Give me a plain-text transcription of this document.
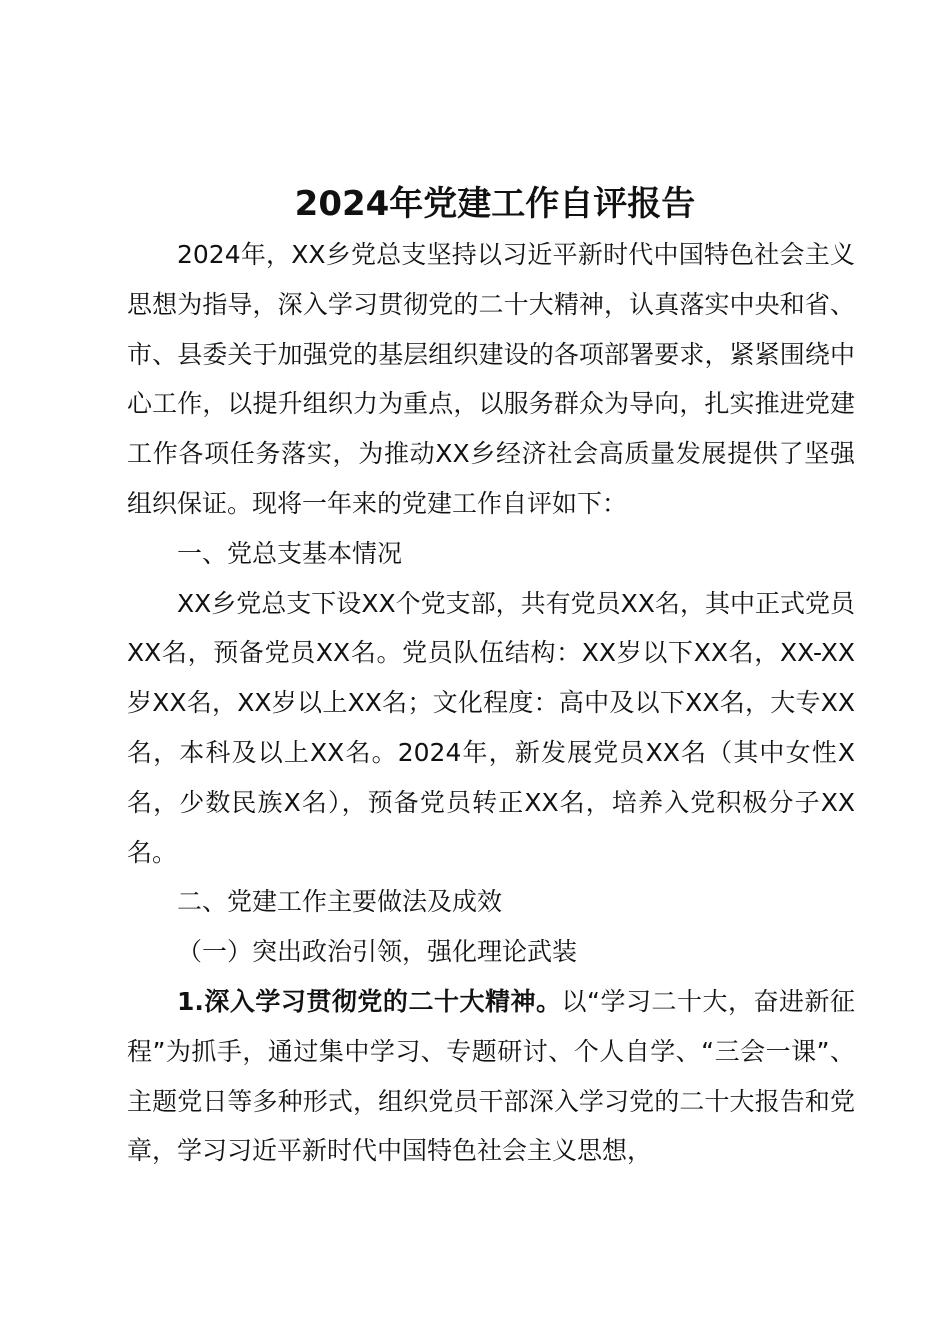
2024年党建工作自评报告

2024年，XX乡党总支坚持以习近平新时代中国特色社会主义思想为指导，深入学习贯彻党的二十大精神，认真落实中央和省、市、县委关于加强党的基层组织建设的各项部署要求，紧紧围绕中心工作，以提升组织力为重点，以服务群众为导向，扎实推进党建工作各项任务落实，为推动XX乡经济社会高质量发展提供了坚强组织保证。现将一年来的党建工作自评如下：

一、党总支基本情况

XX乡党总支下设XX个党支部，共有党员XX名，其中正式党员XX名，预备党员XX名。党员队伍结构：XX岁以下XX名，XX-XX岁XX名，XX岁以上XX名；文化程度：高中及以下XX名，大专XX名，本科及以上XX名。2024年，新发展党员XX名（其中女性X名，少数民族X名），预备党员转正XX名，培养入党积极分子XX名。

二、党建工作主要做法及成效

（一）突出政治引领，强化理论武装

1.深入学习贯彻党的二十大精神。以“学习二十大，奋进新征程”为抓手，通过集中学习、专题研讨、个人自学、“三会一课”、主题党日等多种形式，组织党员干部深入学习党的二十大报告和党章，学习习近平新时代中国特色社会主义思想，
